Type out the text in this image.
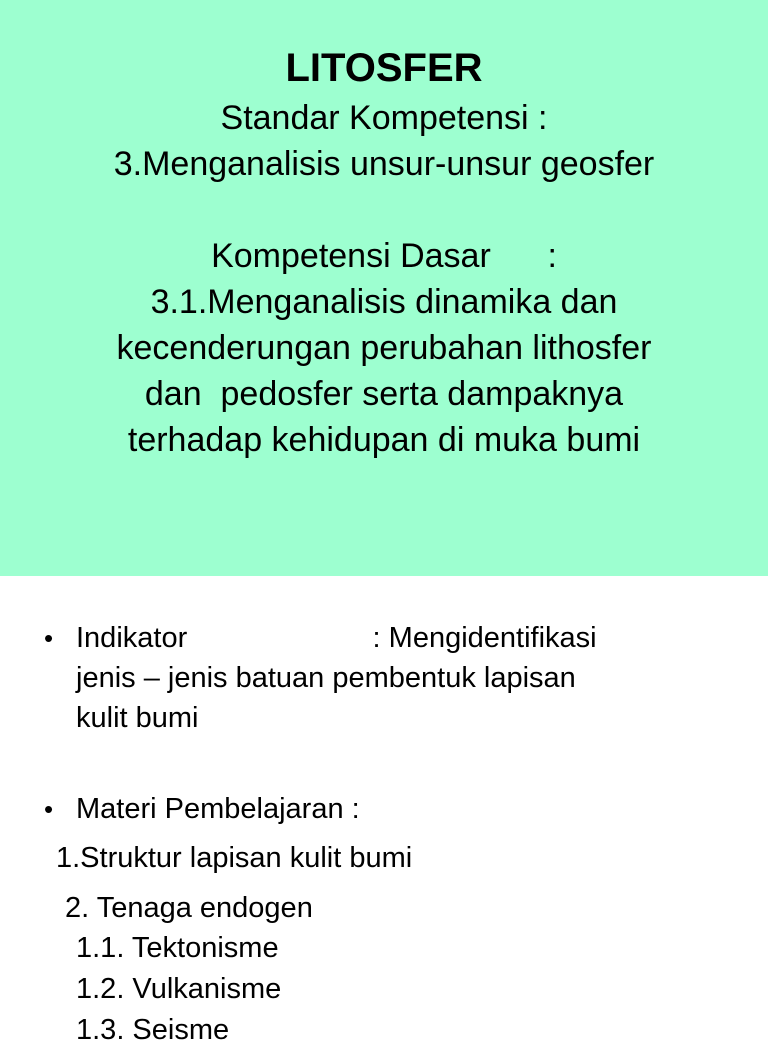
LITOSFER
Standar Kompetensi :
3.Menganalisis unsur-unsur geosfer
Kompetensi Dasar      :
3.1.Menganalisis dinamika dan
kecenderungan perubahan lithosfer
dan  pedosfer serta dampaknya
terhadap kehidupan di muka bumi
• Indikator                       : Mengidentifikasi
jenis – jenis batuan pembentuk lapisan
kulit bumi
• Materi Pembelajaran :
1.Struktur lapisan kulit bumi
2. Tenaga endogen
1.1. Tektonisme
1.2. Vulkanisme
1.3. Seisme
